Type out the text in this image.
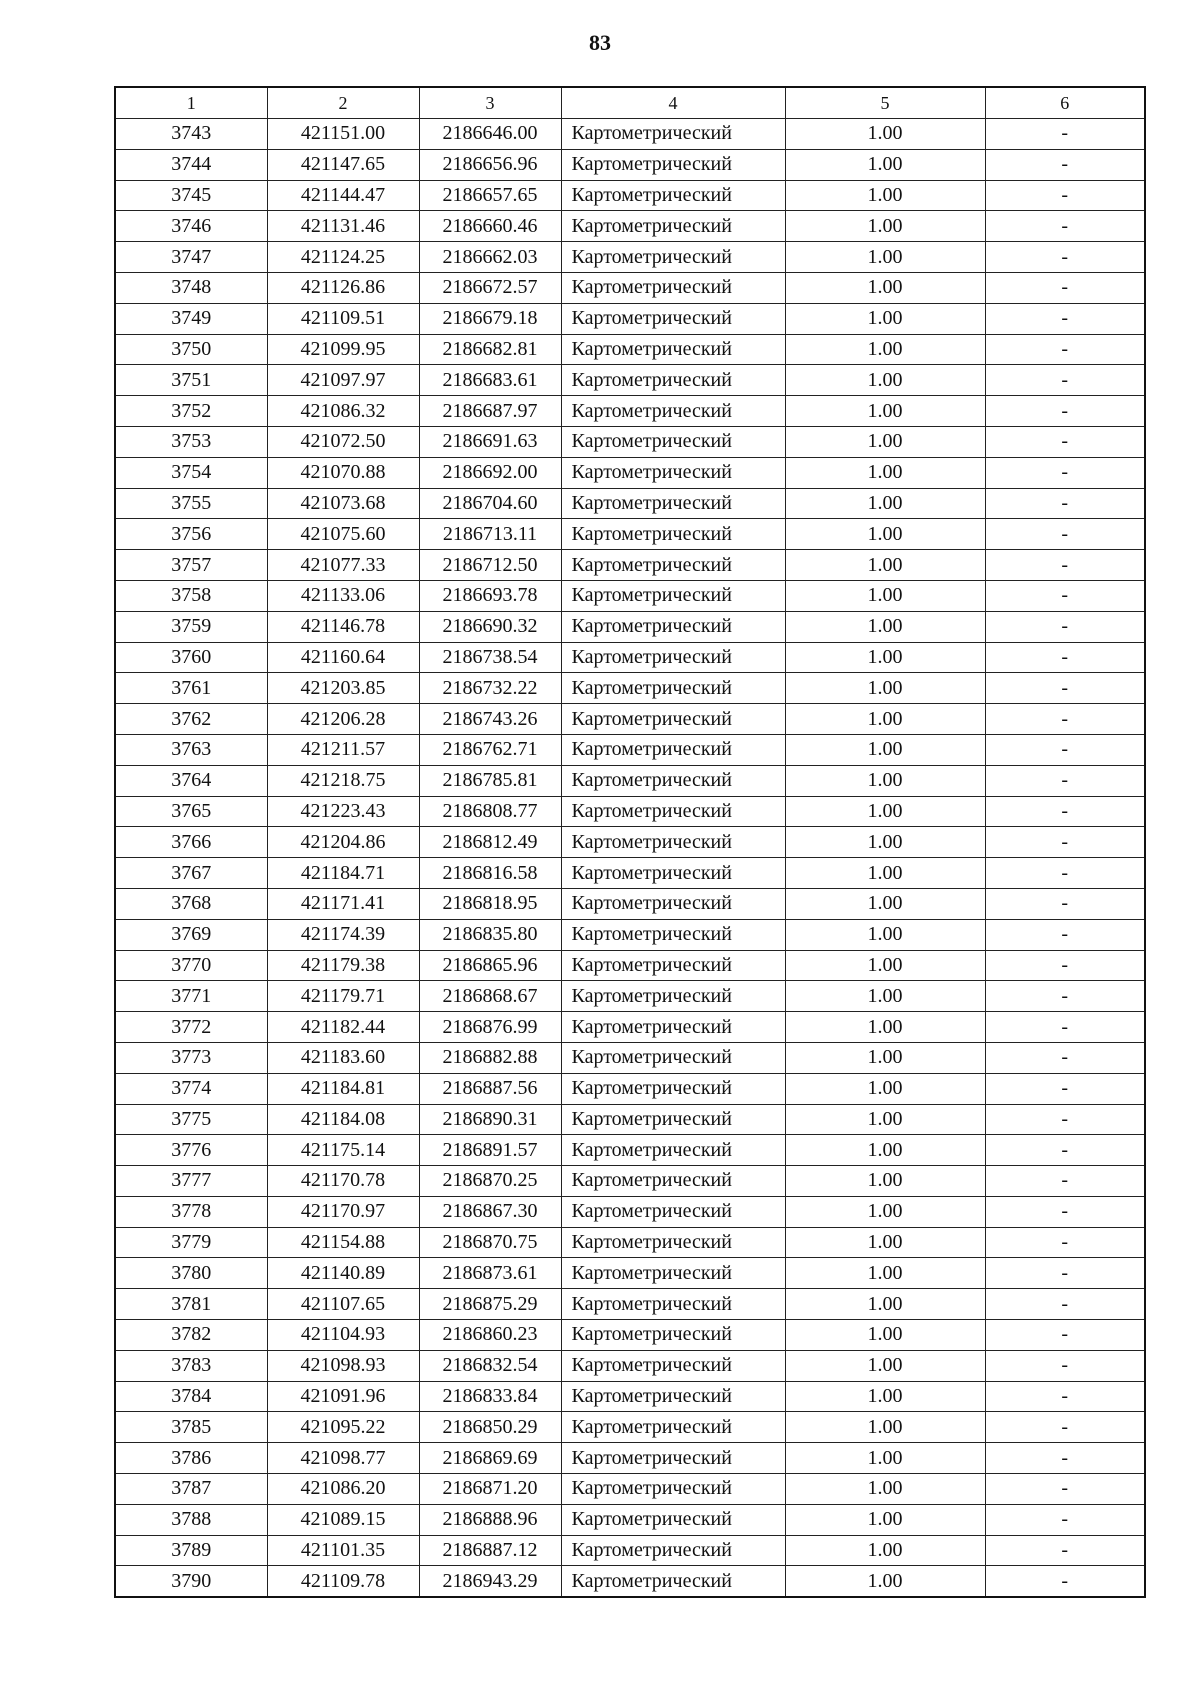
83
1	2	3	4	5	6
3743	421151.00	2186646.00	Картометрический	1.00	-
3744	421147.65	2186656.96	Картометрический	1.00	-
3745	421144.47	2186657.65	Картометрический	1.00	-
3746	421131.46	2186660.46	Картометрический	1.00	-
3747	421124.25	2186662.03	Картометрический	1.00	-
3748	421126.86	2186672.57	Картометрический	1.00	-
3749	421109.51	2186679.18	Картометрический	1.00	-
3750	421099.95	2186682.81	Картометрический	1.00	-
3751	421097.97	2186683.61	Картометрический	1.00	-
3752	421086.32	2186687.97	Картометрический	1.00	-
3753	421072.50	2186691.63	Картометрический	1.00	-
3754	421070.88	2186692.00	Картометрический	1.00	-
3755	421073.68	2186704.60	Картометрический	1.00	-
3756	421075.60	2186713.11	Картометрический	1.00	-
3757	421077.33	2186712.50	Картометрический	1.00	-
3758	421133.06	2186693.78	Картометрический	1.00	-
3759	421146.78	2186690.32	Картометрический	1.00	-
3760	421160.64	2186738.54	Картометрический	1.00	-
3761	421203.85	2186732.22	Картометрический	1.00	-
3762	421206.28	2186743.26	Картометрический	1.00	-
3763	421211.57	2186762.71	Картометрический	1.00	-
3764	421218.75	2186785.81	Картометрический	1.00	-
3765	421223.43	2186808.77	Картометрический	1.00	-
3766	421204.86	2186812.49	Картометрический	1.00	-
3767	421184.71	2186816.58	Картометрический	1.00	-
3768	421171.41	2186818.95	Картометрический	1.00	-
3769	421174.39	2186835.80	Картометрический	1.00	-
3770	421179.38	2186865.96	Картометрический	1.00	-
3771	421179.71	2186868.67	Картометрический	1.00	-
3772	421182.44	2186876.99	Картометрический	1.00	-
3773	421183.60	2186882.88	Картометрический	1.00	-
3774	421184.81	2186887.56	Картометрический	1.00	-
3775	421184.08	2186890.31	Картометрический	1.00	-
3776	421175.14	2186891.57	Картометрический	1.00	-
3777	421170.78	2186870.25	Картометрический	1.00	-
3778	421170.97	2186867.30	Картометрический	1.00	-
3779	421154.88	2186870.75	Картометрический	1.00	-
3780	421140.89	2186873.61	Картометрический	1.00	-
3781	421107.65	2186875.29	Картометрический	1.00	-
3782	421104.93	2186860.23	Картометрический	1.00	-
3783	421098.93	2186832.54	Картометрический	1.00	-
3784	421091.96	2186833.84	Картометрический	1.00	-
3785	421095.22	2186850.29	Картометрический	1.00	-
3786	421098.77	2186869.69	Картометрический	1.00	-
3787	421086.20	2186871.20	Картометрический	1.00	-
3788	421089.15	2186888.96	Картометрический	1.00	-
3789	421101.35	2186887.12	Картометрический	1.00	-
3790	421109.78	2186943.29	Картометрический	1.00	-
